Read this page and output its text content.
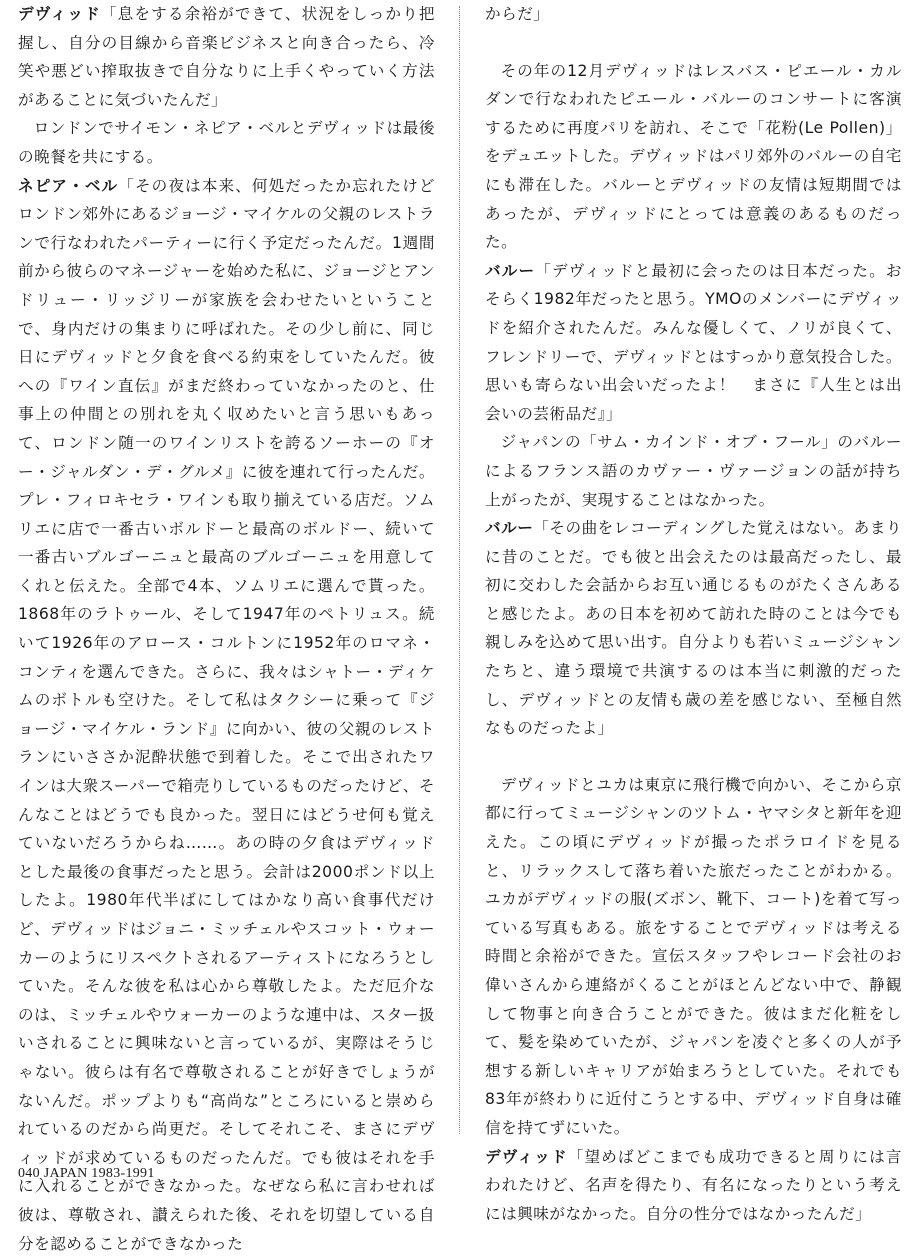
デヴィッド「息をする余裕ができて、状況をしっかり把握し、自分の目線から音楽ビジネスと向き合ったら、冷笑や悪どい搾取抜きで自分なりに上手くやっていく方法があることに気づいたんだ」

ロンドンでサイモン・ネピア・ベルとデヴィッドは最後の晩餐を共にする。

ネピア・ベル「その夜は本来、何処だったか忘れたけどロンドン郊外にあるジョージ・マイケルの父親のレストランで行なわれたパーティーに行く予定だったんだ。1週間前から彼らのマネージャーを始めた私に、ジョージとアンドリュー・リッジリーが家族を会わせたいということで、身内だけの集まりに呼ばれた。その少し前に、同じ日にデヴィッドと夕食を食べる約束をしていたんだ。彼への『ワイン直伝』がまだ終わっていなかったのと、仕事上の仲間との別れを丸く収めたいと言う思いもあって、ロンドン随一のワインリストを誇るソーホーの『オー・ジャルダン・デ・グルメ』に彼を連れて行ったんだ。プレ・フィロキセラ・ワインも取り揃えている店だ。ソムリエに店で一番古いボルドーと最高のボルドー、続いて一番古いブルゴーニュと最高のブルゴーニュを用意してくれと伝えた。全部で4本、ソムリエに選んで貰った。1868年のラトゥール、そして1947年のペトリュス。続いて1926年のアロース・コルトンに1952年のロマネ・コンティを選んできた。さらに、我々はシャトー・ディケムのボトルも空けた。そして私はタクシーに乗って『ジョージ・マイケル・ランド』に向かい、彼の父親のレストランにいささか泥酔状態で到着した。そこで出されたワインは大衆スーパーで箱売りしているものだったけど、そんなことはどうでも良かった。翌日にはどうせ何も覚えていないだろうからね……。あの時の夕食はデヴィッドとした最後の食事だったと思う。会計は2000ポンド以上したよ。1980年代半ばにしてはかなり高い食事代だけど、デヴィッドはジョニ・ミッチェルやスコット・ウォーカーのようにリスペクトされるアーティストになろうとしていた。そんな彼を私は心から尊敬したよ。ただ厄介なのは、ミッチェルやウォーカーのような連中は、スター扱いされることに興味ないと言っているが、実際はそうじゃない。彼らは有名で尊敬されることが好きでしょうがないんだ。ポップよりも“高尚な”ところにいると崇められているのだから尚更だ。そしてそれこそ、まさにデヴィッドが求めているものだったんだ。でも彼はそれを手に入れることができなかった。なぜなら私に言わせれば彼は、尊敬され、讃えられた後、それを切望している自分を認めることができなかった

からだ」

その年の12月デヴィッドはレスバス・ピエール・カルダンで行なわれたピエール・バルーのコンサートに客演するために再度パリを訪れ、そこで「花粉(Le Pollen)」をデュエットした。デヴィッドはパリ郊外のバルーの自宅にも滞在した。バルーとデヴィッドの友情は短期間ではあったが、デヴィッドにとっては意義のあるものだった。

バルー「デヴィッドと最初に会ったのは日本だった。おそらく1982年だったと思う。YMOのメンバーにデヴィッドを紹介されたんだ。みんな優しくて、ノリが良くて、フレンドリーで、デヴィッドとはすっかり意気投合した。思いも寄らない出会いだったよ！　まさに『人生とは出会いの芸術品だ』」

ジャパンの「サム・カインド・オブ・フール」のバルーによるフランス語のカヴァー・ヴァージョンの話が持ち上がったが、実現することはなかった。

バルー「その曲をレコーディングした覚えはない。あまりに昔のことだ。でも彼と出会えたのは最高だったし、最初に交わした会話からお互い通じるものがたくさんあると感じたよ。あの日本を初めて訪れた時のことは今でも親しみを込めて思い出す。自分よりも若いミュージシャンたちと、違う環境で共演するのは本当に刺激的だったし、デヴィッドとの友情も歳の差を感じない、至極自然なものだったよ」

デヴィッドとユカは東京に飛行機で向かい、そこから京都に行ってミュージシャンのツトム・ヤマシタと新年を迎えた。この頃にデヴィッドが撮ったポラロイドを見ると、リラックスして落ち着いた旅だったことがわかる。ユカがデヴィッドの服(ズボン、靴下、コート)を着て写っている写真もある。旅をすることでデヴィッドは考える時間と余裕ができた。宣伝スタッフやレコード会社のお偉いさんから連絡がくることがほとんどない中で、静観して物事と向き合うことができた。彼はまだ化粧をして、髪を染めていたが、ジャパンを凌ぐと多くの人が予想する新しいキャリアが始まろうとしていた。それでも83年が終わりに近付こうとする中、デヴィッド自身は確信を持てずにいた。

デヴィッド「望めばどこまでも成功できると周りには言われたけど、名声を得たり、有名になったりという考えには興味がなかった。自分の性分ではなかったんだ」

040 JAPAN 1983-1991
